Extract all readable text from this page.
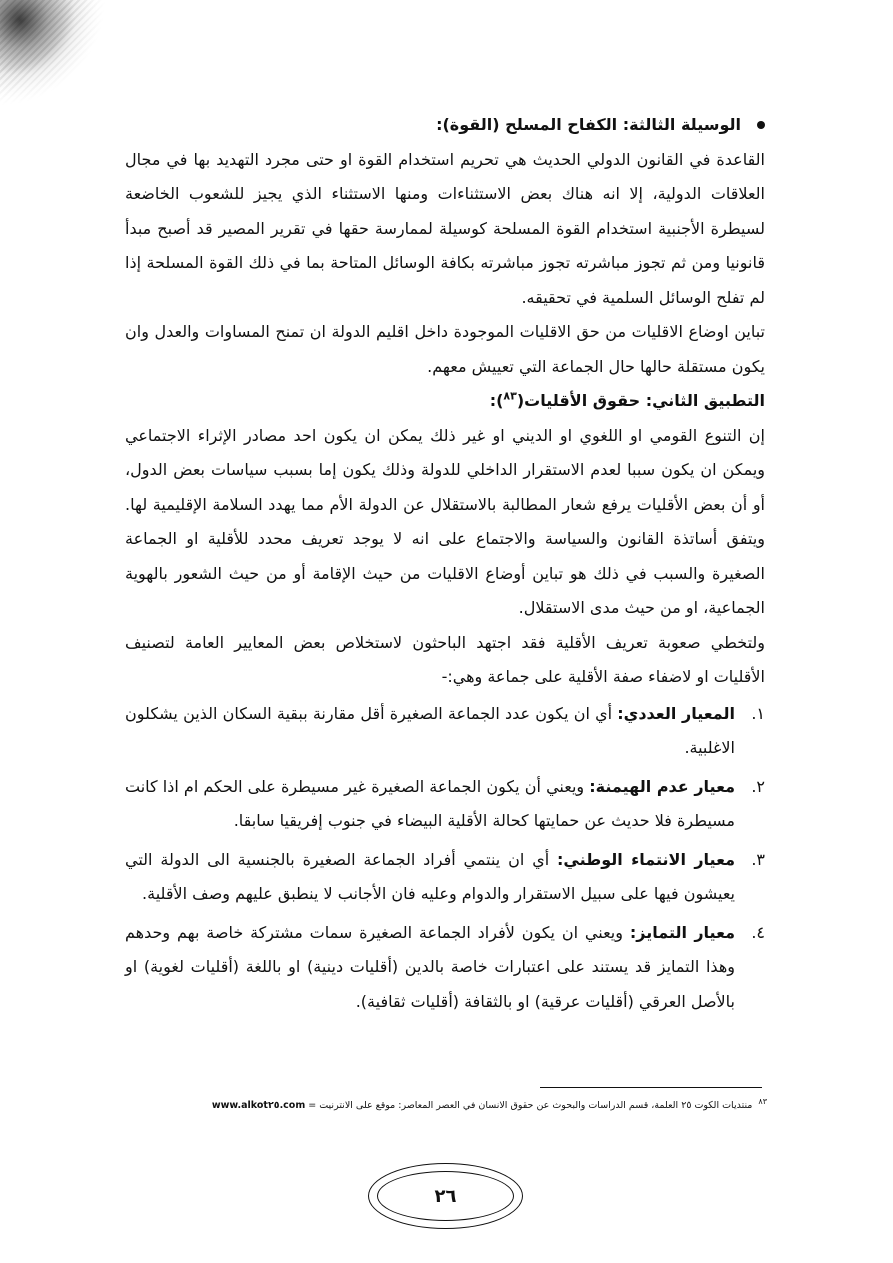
الوسيلة الثالثة: الكفاح المسلح (القوة):

القاعدة في القانون الدولي الحديث هي تحريم استخدام القوة او حتى مجرد التهديد بها في مجال العلاقات الدولية، إلا انه هناك بعض الاستثناءات ومنها الاستثناء الذي يجيز للشعوب الخاضعة لسيطرة الأجنبية استخدام القوة المسلحة كوسيلة لممارسة حقها في تقرير المصير قد أصبح مبدأ قانونيا ومن ثم تجوز مباشرته تجوز مباشرته بكافة الوسائل المتاحة بما في ذلك القوة المسلحة إذا لم تفلح الوسائل السلمية في تحقيقه.

تباين اوضاع الاقليات من حق الاقليات الموجودة داخل اقليم الدولة ان تمنح المساوات والعدل وان يكون مستقلة حالها حال الجماعة التي تعييش معهم.

التطبيق الثاني: حقوق الأقليات($^{٨٣}$):

إن التنوع القومي او اللغوي او الديني او غير ذلك يمكن ان يكون احد مصادر الإثراء الاجتماعي ويمكن ان يكون سببا لعدم الاستقرار الداخلي للدولة وذلك يكون إما بسبب سياسات بعض الدول، أو أن بعض الأقليات يرفع شعار المطالبة بالاستقلال عن الدولة الأم مما يهدد السلامة الإقليمية لها. ويتفق أساتذة القانون والسياسة والاجتماع على انه لا يوجد تعريف محدد للأقلية او الجماعة الصغيرة والسبب في ذلك هو تباين أوضاع الاقليات من حيث الإقامة أو من حيث الشعور بالهوية الجماعية، او من حيث مدى الاستقلال.

ولتخطي صعوبة تعريف الأقلية فقد اجتهد الباحثون لاستخلاص بعض المعايير العامة لتصنيف الأقليات او لاضفاء صفة الأقلية على جماعة وهي:-

١.
المعيار العددي: أي ان يكون عدد الجماعة الصغيرة أقل مقارنة ببقية السكان الذين يشكلون الاغلبية.
٢.
معيار عدم الهيمنة: ويعني أن يكون الجماعة الصغيرة غير مسيطرة على الحكم ام اذا كانت مسيطرة فلا حديث عن حمايتها كحالة الأقلية البيضاء في جنوب إفريقيا سابقا.
٣.
معيار الانتماء الوطني: أي ان ينتمي أفراد الجماعة الصغيرة بالجنسية الى الدولة التي يعيشون فيها على سبيل الاستقرار والدوام وعليه فان الأجانب لا ينطبق عليهم وصف الأقلية.
٤.
معيار التمايز: ويعني ان يكون لأفراد الجماعة الصغيرة سمات مشتركة خاصة بهم وحدهم وهذا التمايز قد يستند على اعتبارات خاصة بالدين (أقليات دينية) او باللغة (أقليات لغوية) او بالأصل العرقي (أقليات عرقية) او بالثقافة (أقليات ثقافية).
$^{٨٣}$منتديات الكوت ٢٥ العلمة، قسم الدراسات والبحوث عن حقوق الانسان في العصر المعاصر: موقع على الانترنيت = www.alkot٢٥.com
٢٦
